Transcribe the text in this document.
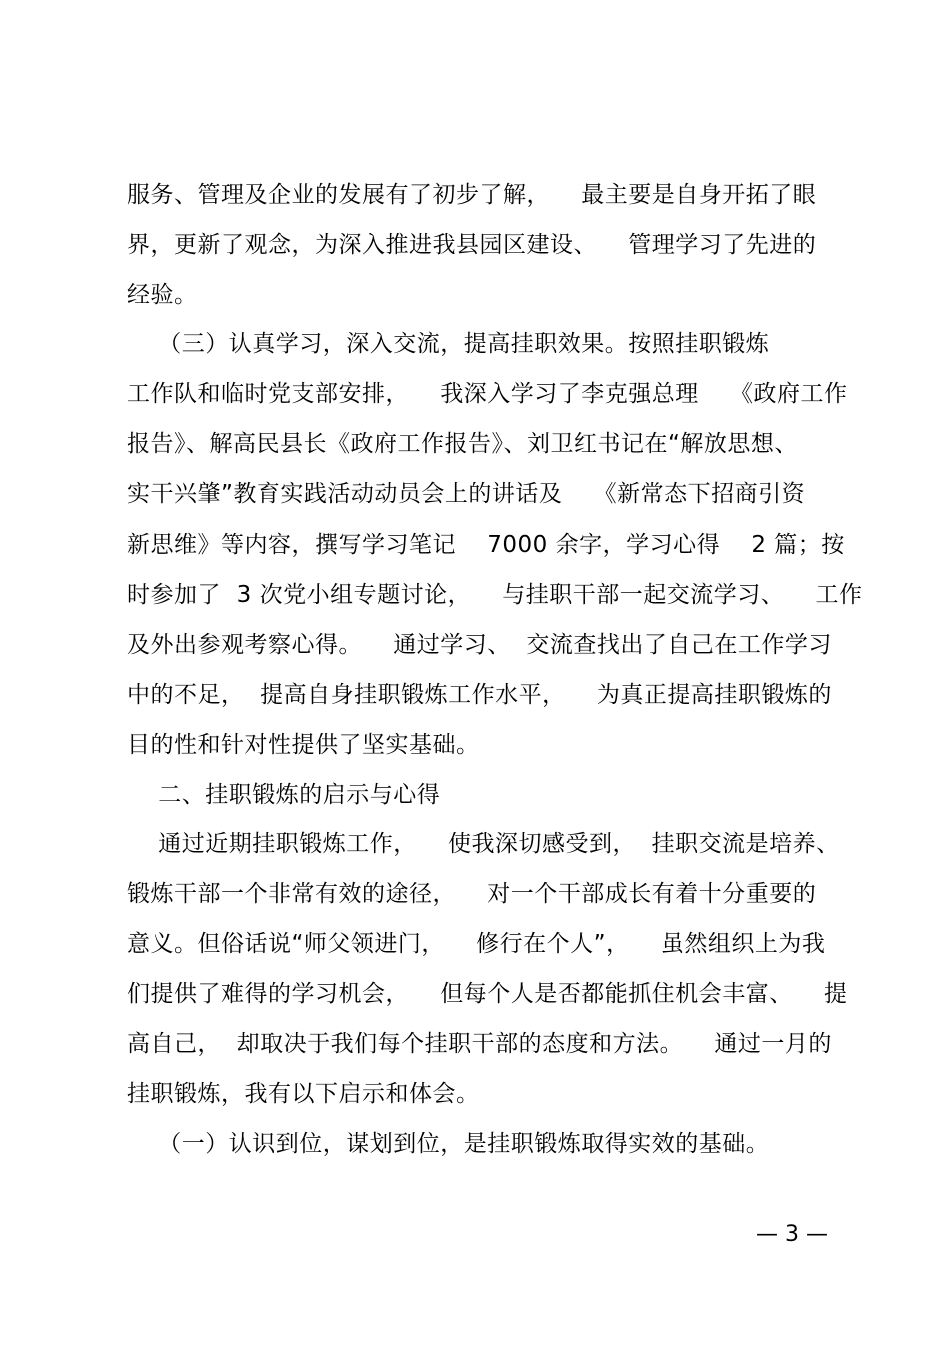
服务、管理及企业的发展有了初步了解，    最主要是自身开拓了眼
界，更新了观念，为深入推进我县园区建设、    管理学习了先进的
经验。
（三）认真学习，深入交流，提高挂职效果。按照挂职锻炼
工作队和临时党支部安排，    我深入学习了李克强总理    《政府工作
报告》、解高民县长《政府工作报告》、刘卫红书记在“解放思想、
实干兴肇”教育实践活动动员会上的讲话及    《新常态下招商引资
新思维》等内容，撰写学习笔记    7000 余字，学习心得    2 篇；按
时参加了  3 次党小组专题讨论，    与挂职干部一起交流学习、    工作
及外出参观考察心得。    通过学习、  交流查找出了自己在工作学习
中的不足，  提高自身挂职锻炼工作水平，    为真正提高挂职锻炼的
目的性和针对性提供了坚实基础。
二、挂职锻炼的启示与心得
通过近期挂职锻炼工作，    使我深切感受到，  挂职交流是培养、
锻炼干部一个非常有效的途径，    对一个干部成长有着十分重要的
意义。但俗话说“师父领进门，    修行在个人”，    虽然组织上为我
们提供了难得的学习机会，    但每个人是否都能抓住机会丰富、    提
高自己，  却取决于我们每个挂职干部的态度和方法。    通过一月的
挂职锻炼，我有以下启示和体会。
（一）认识到位，谋划到位，是挂职锻炼取得实效的基础。
— 3 —
